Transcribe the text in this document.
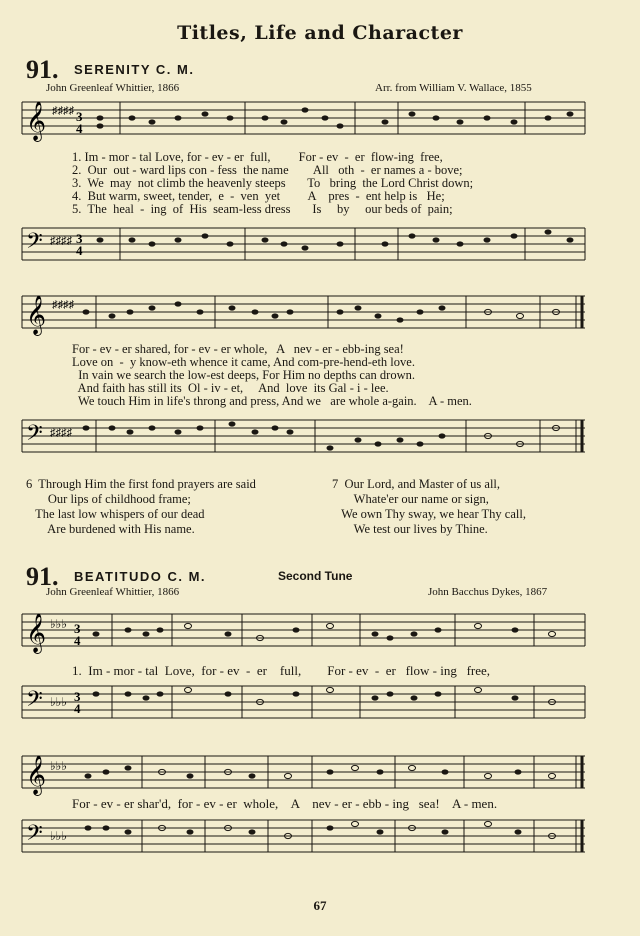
Titles, Life and Character
91. SERENITY C. M.
John Greenleaf Whittier, 1866	Arr. from William V. Wallace, 1855
𝄞 ♯♯♯♯ 3
4
1. Im - mor - tal Love, for - ev - er  full,         For - ev  -  er  flow-ing  free,
2.  Our  out - ward lips con - fess  the name        All   oth  -  er names a - bove;
3.  We  may  not climb the heavenly steeps       To   bring  the Lord Christ down;
4.  But warm, sweet, tender,  e  -  ven  yet         A    pres  -  ent help is   He;
5.  The  heal  -  ing  of  His  seam-less dress       Is     by     our beds of  pain;
𝄢 ♯♯♯♯ 3
4
𝄞 ♯♯♯♯
For - ev - er shared, for - ev - er whole,   A   nev - er - ebb-ing sea!
Love on  -  y know-eth whence it came, And com-pre-hend-eth love.
In vain we search the low-est deeps, For Him no depths can drown.
And faith has still its  Ol - iv - et,     And  love  its Gal - i - lee.
We touch Him in life's throng and press, And we   are whole a-gain.    A - men.
𝄢 ♯♯♯♯
6  Through Him the first fond prayers are said
Our lips of childhood frame;
The last low whispers of our dead
Are burdened with His name.
7  Our Lord, and Master of us all,
Whate'er our name or sign,
We own Thy sway, we hear Thy call,
We test our lives by Thine.
91. BEATITUDO C. M.	Second Tune
John Greenleaf Whittier, 1866	John Bacchus Dykes, 1867
𝄞 ♭♭♭ 3
4
1.  Im - mor - tal  Love,  for - ev  -  er    full,        For - ev  -  er   flow - ing   free,
𝄢 ♭♭♭ 3
4
𝄞 ♭♭♭
For - ev - er shar'd,  for - ev - er  whole,    A    nev - er - ebb - ing   sea!    A - men.
𝄢 ♭♭♭
67
